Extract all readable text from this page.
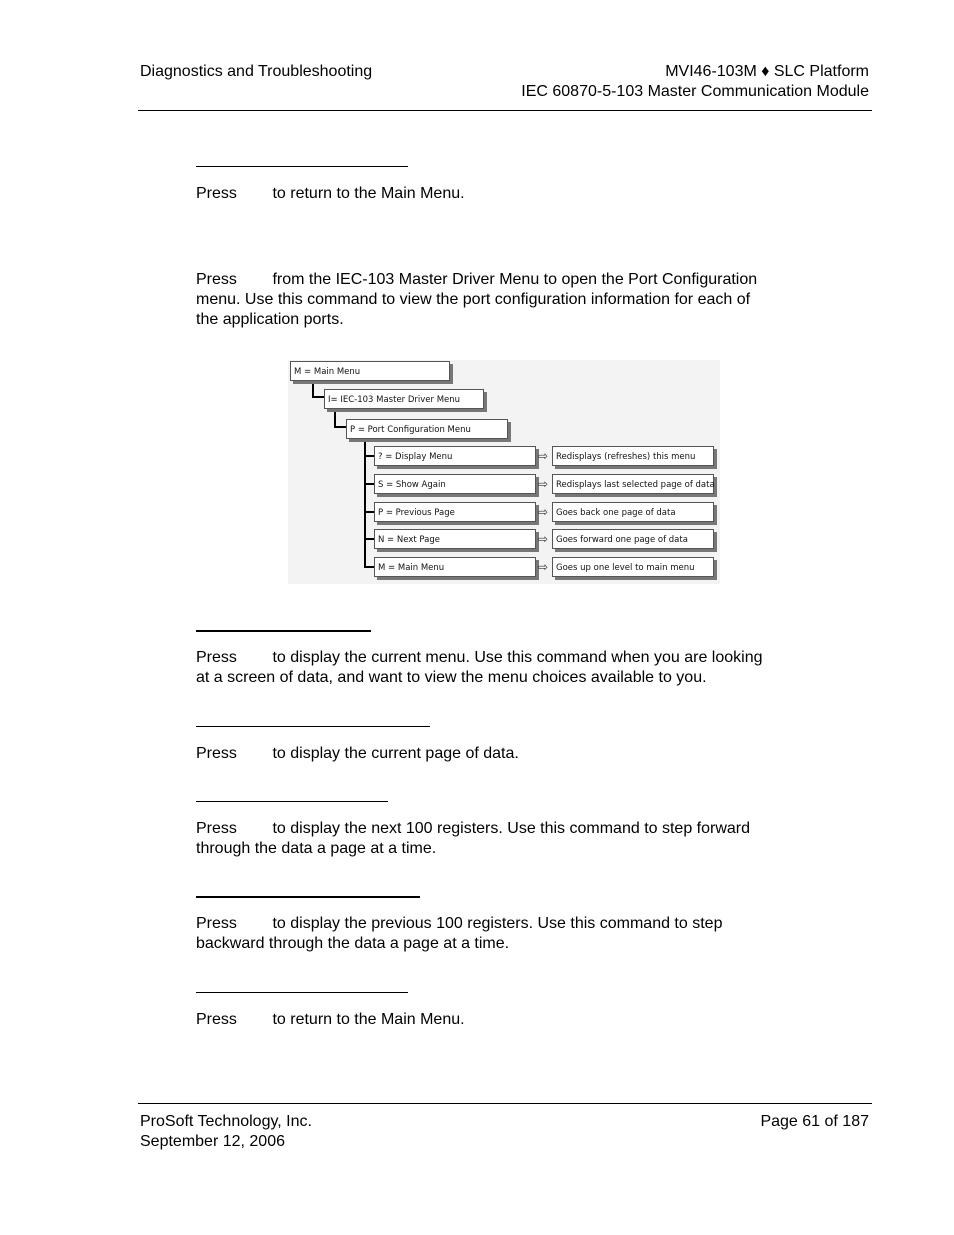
Diagnostics and Troubleshooting	MVI46-103M ♦ SLC Platform
IEC 60870-5-103 Master Communication Module
Press        to return to the Main Menu.
Press        from the IEC-103 Master Driver Menu to open the Port Configuration
menu. Use this command to view the port configuration information for each of
the application ports.
M = Main Menu
I= IEC-103 Master Driver Menu
P = Port Configuration Menu
? = Display Menu	⇨ Redisplays (refreshes) this menu
S = Show Again	⇨ Redisplays last selected page of data
P = Previous Page	⇨ Goes back one page of data
N = Next Page	⇨ Goes forward one page of data
M = Main Menu	⇨ Goes up one level to main menu
Press        to display the current menu. Use this command when you are looking
at a screen of data, and want to view the menu choices available to you.
Press        to display the current page of data.
Press        to display the next 100 registers. Use this command to step forward
through the data a page at a time.
Press        to display the previous 100 registers. Use this command to step
backward through the data a page at a time.
Press        to return to the Main Menu.
ProSoft Technology, Inc.
September 12, 2006
Page 61 of 187
